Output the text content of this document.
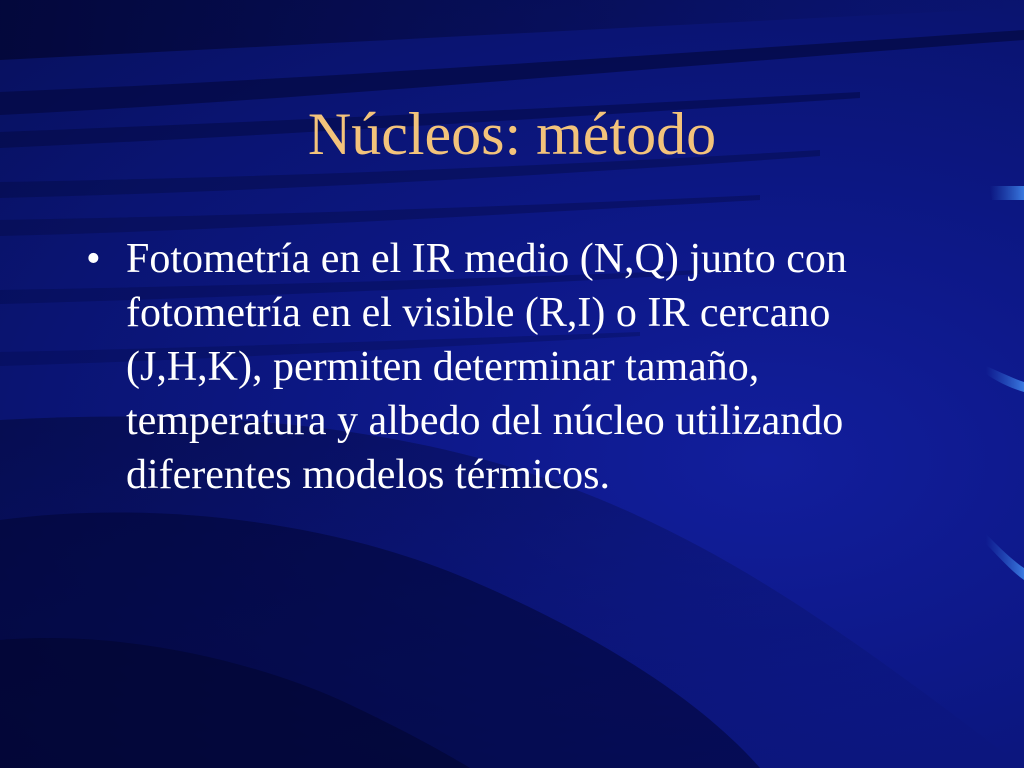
Núcleos: método
• Fotometría en el IR medio (N,Q) junto con fotometría en el visible (R,I) o IR cercano (J,H,K), permiten determinar tamaño, temperatura y albedo del núcleo utilizando diferentes modelos térmicos.
